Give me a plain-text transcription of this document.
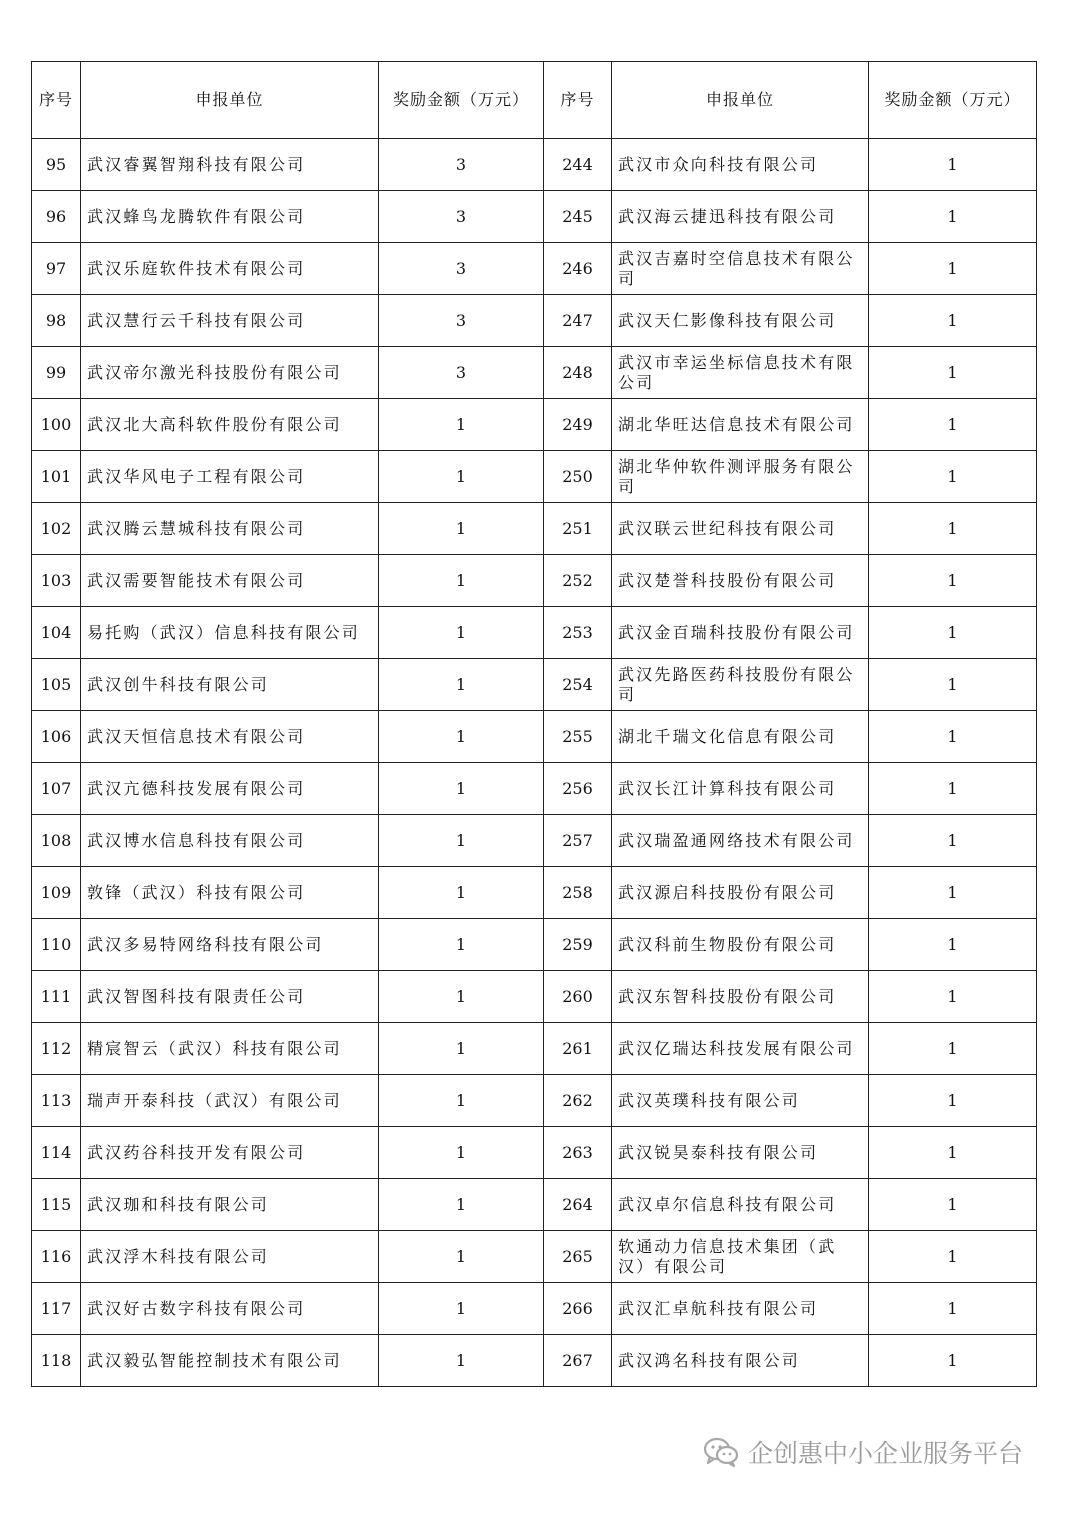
序号	申报单位	奖励金额（万元）	序号	申报单位	奖励金额（万元）
95	武汉睿翼智翔科技有限公司	3	244	武汉市众向科技有限公司	1
96	武汉蜂鸟龙腾软件有限公司	3	245	武汉海云捷迅科技有限公司	1
97	武汉乐庭软件技术有限公司	3	246	武汉吉嘉时空信息技术有限公司	1
98	武汉慧行云千科技有限公司	3	247	武汉天仁影像科技有限公司	1
99	武汉帝尔激光科技股份有限公司	3	248	武汉市幸运坐标信息技术有限公司	1
100	武汉北大高科软件股份有限公司	1	249	湖北华旺达信息技术有限公司	1
101	武汉华风电子工程有限公司	1	250	湖北华仲软件测评服务有限公司	1
102	武汉腾云慧城科技有限公司	1	251	武汉联云世纪科技有限公司	1
103	武汉需要智能技术有限公司	1	252	武汉楚誉科技股份有限公司	1
104	易托购（武汉）信息科技有限公司	1	253	武汉金百瑞科技股份有限公司	1
105	武汉创牛科技有限公司	1	254	武汉先路医药科技股份有限公司	1
106	武汉天恒信息技术有限公司	1	255	湖北千瑞文化信息有限公司	1
107	武汉亢德科技发展有限公司	1	256	武汉长江计算科技有限公司	1
108	武汉博水信息科技有限公司	1	257	武汉瑞盈通网络技术有限公司	1
109	敦锋（武汉）科技有限公司	1	258	武汉源启科技股份有限公司	1
110	武汉多易特网络科技有限公司	1	259	武汉科前生物股份有限公司	1
111	武汉智图科技有限责任公司	1	260	武汉东智科技股份有限公司	1
112	精宸智云（武汉）科技有限公司	1	261	武汉亿瑞达科技发展有限公司	1
113	瑞声开泰科技（武汉）有限公司	1	262	武汉英璞科技有限公司	1
114	武汉药谷科技开发有限公司	1	263	武汉锐昊泰科技有限公司	1
115	武汉珈和科技有限公司	1	264	武汉卓尔信息科技有限公司	1
116	武汉浮木科技有限公司	1	265	软通动力信息技术集团（武汉）有限公司	1
117	武汉好古数字科技有限公司	1	266	武汉汇卓航科技有限公司	1
118	武汉毅弘智能控制技术有限公司	1	267	武汉鸿名科技有限公司	1
企创惠中小企业服务平台
